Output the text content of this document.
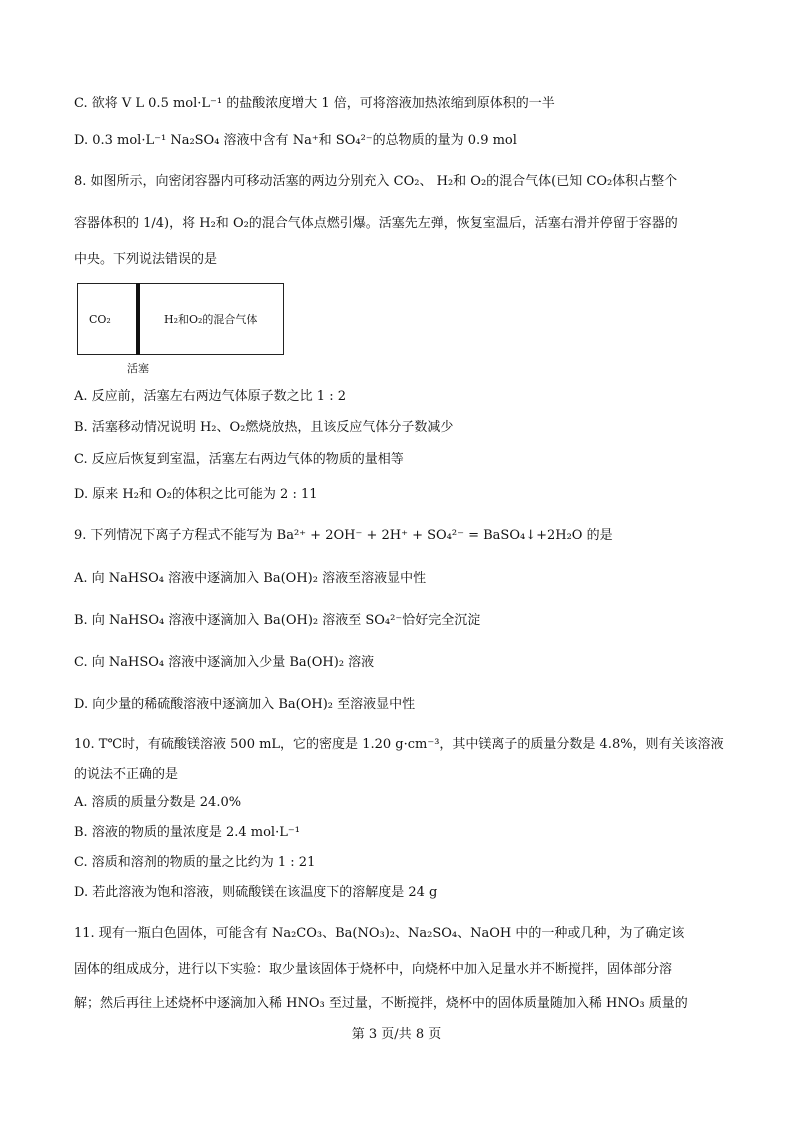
C. 欲将 V L 0.5 mol·L⁻¹ 的盐酸浓度增大 1 倍，可将溶液加热浓缩到原体积的一半
D. 0.3 mol·L⁻¹ Na₂SO₄ 溶液中含有 Na⁺和 SO₄²⁻的总物质的量为 0.9 mol
8. 如图所示，向密闭容器内可移动活塞的两边分别充入 CO₂、 H₂和 O₂的混合气体(已知 CO₂体积占整个
容器体积的 1/4)，将 H₂和 O₂的混合气体点燃引爆。活塞先左弹，恢复室温后，活塞右滑并停留于容器的
中央。下列说法错误的是
CO₂	H₂和O₂的混合气体
活塞
A. 反应前，活塞左右两边气体原子数之比 1 : 2
B. 活塞移动情况说明 H₂、O₂燃烧放热，且该反应气体分子数减少
C. 反应后恢复到室温，活塞左右两边气体的物质的量相等
D. 原来 H₂和 O₂的体积之比可能为 2 : 11
9. 下列情况下离子方程式不能写为 Ba²⁺ + 2OH⁻ + 2H⁺ + SO₄²⁻ = BaSO₄↓+2H₂O 的是
A. 向 NaHSO₄ 溶液中逐滴加入 Ba(OH)₂ 溶液至溶液显中性
B. 向 NaHSO₄ 溶液中逐滴加入 Ba(OH)₂ 溶液至 SO₄²⁻恰好完全沉淀
C. 向 NaHSO₄ 溶液中逐滴加入少量 Ba(OH)₂ 溶液
D. 向少量的稀硫酸溶液中逐滴加入 Ba(OH)₂ 至溶液显中性
10. T℃时，有硫酸镁溶液 500 mL，它的密度是 1.20 g·cm⁻³，其中镁离子的质量分数是 4.8%，则有关该溶液
的说法不正确的是
A. 溶质的质量分数是 24.0%
B. 溶液的物质的量浓度是 2.4 mol·L⁻¹
C. 溶质和溶剂的物质的量之比约为 1 : 21
D. 若此溶液为饱和溶液，则硫酸镁在该温度下的溶解度是 24 g
11. 现有一瓶白色固体，可能含有 Na₂CO₃、Ba(NO₃)₂、Na₂SO₄、NaOH 中的一种或几种，为了确定该
固体的组成成分，进行以下实验：取少量该固体于烧杯中，向烧杯中加入足量水并不断搅拌，固体部分溶
解；然后再往上述烧杯中逐滴加入稀 HNO₃ 至过量，不断搅拌，烧杯中的固体质量随加入稀 HNO₃ 质量的
第 3 页/共 8 页
